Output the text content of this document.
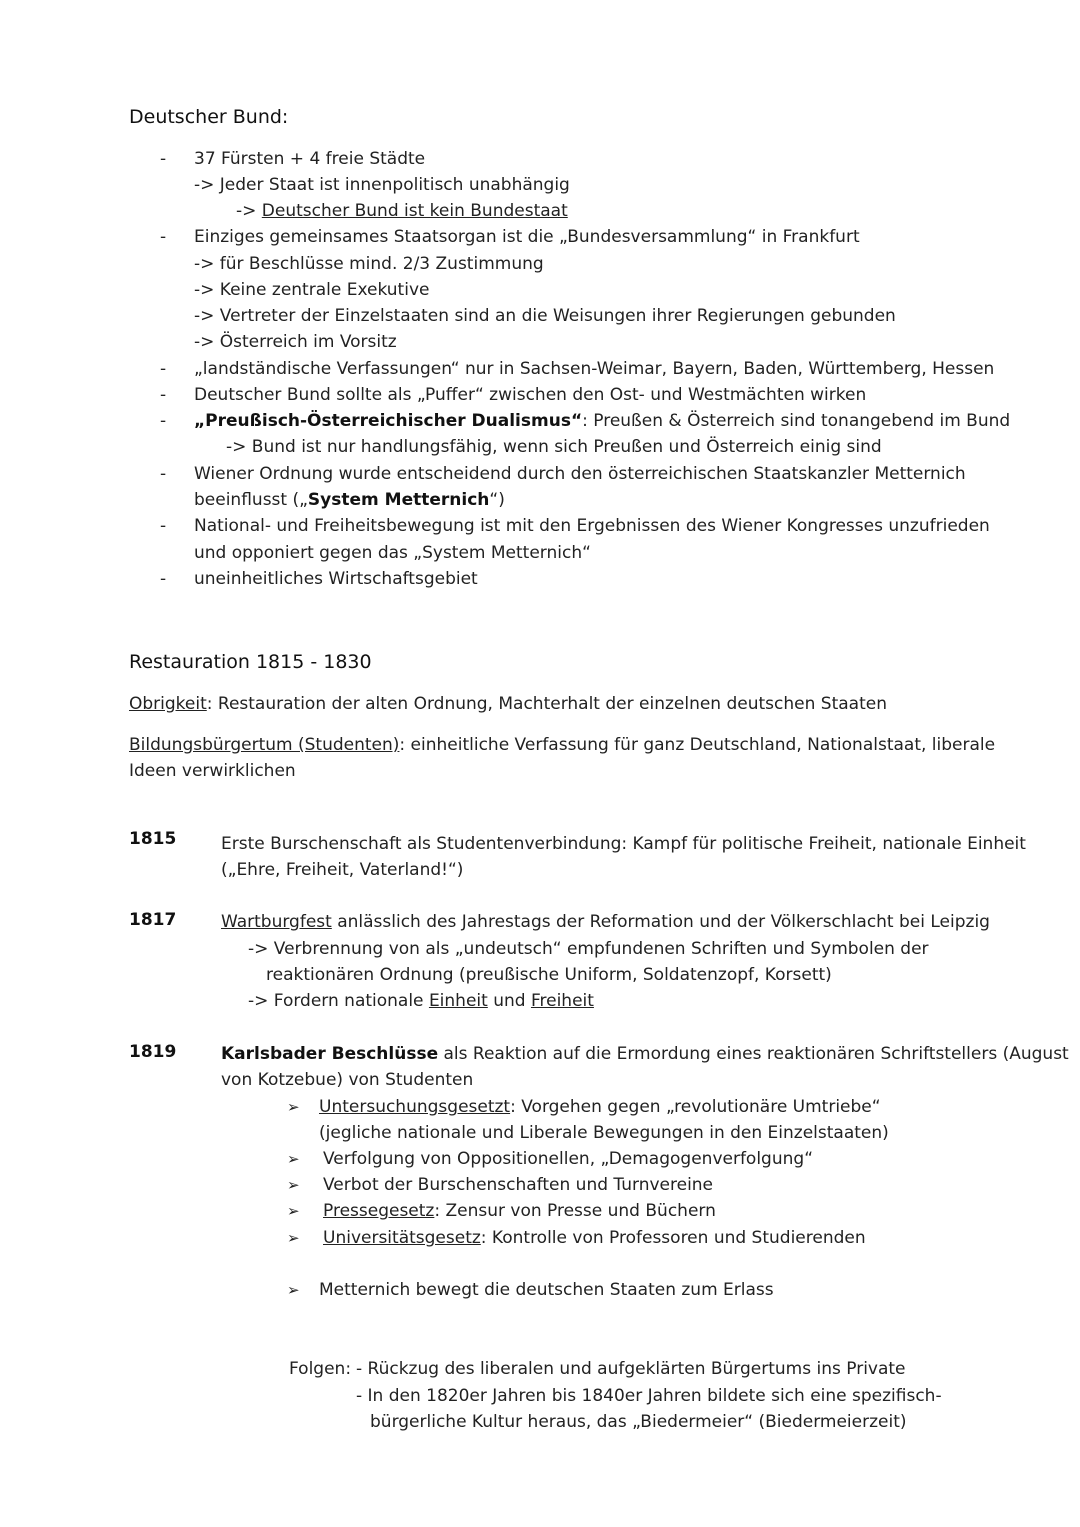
Deutscher Bund:
- 37 Fürsten + 4 freie Städte
-> Jeder Staat ist innenpolitisch unabhängig
-> Deutscher Bund ist kein Bundestaat
- Einziges gemeinsames Staatsorgan ist die „Bundesversammlung“ in Frankfurt
-> für Beschlüsse mind. 2/3 Zustimmung
-> Keine zentrale Exekutive
-> Vertreter der Einzelstaaten sind an die Weisungen ihrer Regierungen gebunden
-> Österreich im Vorsitz
- „landständische Verfassungen“ nur in Sachsen-Weimar, Bayern, Baden, Württemberg, Hessen
- Deutscher Bund sollte als „Puffer“ zwischen den Ost- und Westmächten wirken
- „Preußisch-Österreichischer Dualismus“: Preußen & Österreich sind tonangebend im Bund
-> Bund ist nur handlungsfähig, wenn sich Preußen und Österreich einig sind
- Wiener Ordnung wurde entscheidend durch den österreichischen Staatskanzler Metternich
beeinflusst („System Metternich“)
- National- und Freiheitsbewegung ist mit den Ergebnissen des Wiener Kongresses unzufrieden
und opponiert gegen das „System Metternich“
- uneinheitliches Wirtschaftsgebiet
Restauration 1815 - 1830
Obrigkeit: Restauration der alten Ordnung, Machterhalt der einzelnen deutschen Staaten
Bildungsbürgertum (Studenten): einheitliche Verfassung für ganz Deutschland, Nationalstaat, liberale
Ideen verwirklichen
1815	Erste Burschenschaft als Studentenverbindung: Kampf für politische Freiheit, nationale Einheit
(„Ehre, Freiheit, Vaterland!“)
1817	Wartburgfest anlässlich des Jahrestags der Reformation und der Völkerschlacht bei Leipzig
-> Verbrennung von als „undeutsch“ empfundenen Schriften und Symbolen der
reaktionären Ordnung (preußische Uniform, Soldatenzopf, Korsett)
-> Fordern nationale Einheit und Freiheit
1819	Karlsbader Beschlüsse als Reaktion auf die Ermordung eines reaktionären Schriftstellers (August
von Kotzebue) von Studenten
➢ Untersuchungsgesetzt: Vorgehen gegen „revolutionäre Umtriebe“
(jegliche nationale und Liberale Bewegungen in den Einzelstaaten)
➢ Verfolgung von Oppositionellen, „Demagogenverfolgung“
➢ Verbot der Burschenschaften und Turnvereine
➢ Pressegesetz: Zensur von Presse und Büchern
➢ Universitätsgesetz: Kontrolle von Professoren und Studierenden
➢ Metternich bewegt die deutschen Staaten zum Erlass
Folgen: - Rückzug des liberalen und aufgeklärten Bürgertums ins Private
- In den 1820er Jahren bis 1840er Jahren bildete sich eine spezifisch-
bürgerliche Kultur heraus, das „Biedermeier“ (Biedermeierzeit)
